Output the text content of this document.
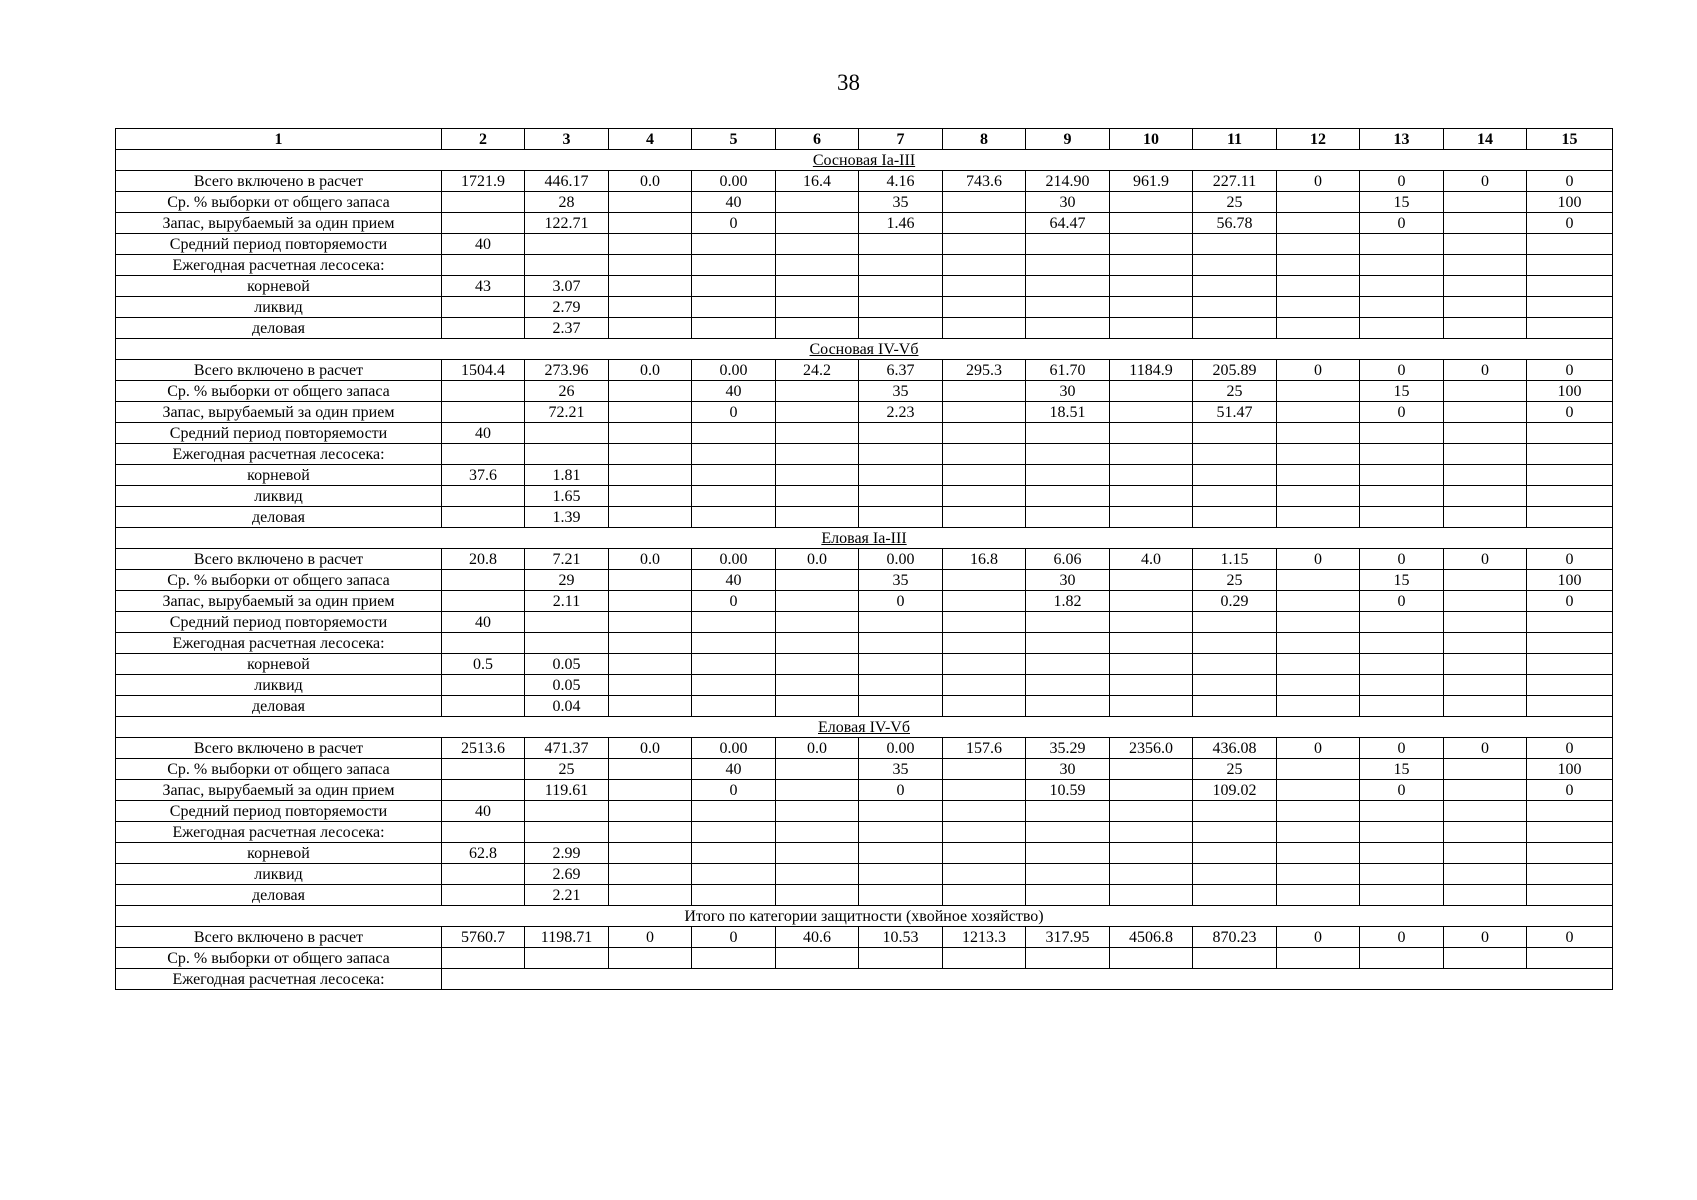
38
1	2	3	4	5	6	7	8	9	10	11	12	13	14	15
Сосновая Ia-III														
Всего включено в расчет	1721.9	446.17	0.0	0.00	16.4	4.16	743.6	214.90	961.9	227.11	0	0	0	0
Ср. % выборки от общего запаса		28		40		35		30		25		15		100
Запас, вырубаемый за один прием		122.71		0		1.46		64.47		56.78		0		0
Средний период повторяемости	40													
Ежегодная расчетная лесосека:														
корневой	43	3.07												
ликвид		2.79												
деловая		2.37												
Сосновая IV-Vб														
Всего включено в расчет	1504.4	273.96	0.0	0.00	24.2	6.37	295.3	61.70	1184.9	205.89	0	0	0	0
Ср. % выборки от общего запаса		26		40		35		30		25		15		100
Запас, вырубаемый за один прием		72.21		0		2.23		18.51		51.47		0		0
Средний период повторяемости	40													
Ежегодная расчетная лесосека:														
корневой	37.6	1.81												
ликвид		1.65												
деловая		1.39												
Еловая Ia-III														
Всего включено в расчет	20.8	7.21	0.0	0.00	0.0	0.00	16.8	6.06	4.0	1.15	0	0	0	0
Ср. % выборки от общего запаса		29		40		35		30		25		15		100
Запас, вырубаемый за один прием		2.11		0		0		1.82		0.29		0		0
Средний период повторяемости	40													
Ежегодная расчетная лесосека:														
корневой	0.5	0.05												
ликвид		0.05												
деловая		0.04												
Еловая IV-Vб														
Всего включено в расчет	2513.6	471.37	0.0	0.00	0.0	0.00	157.6	35.29	2356.0	436.08	0	0	0	0
Ср. % выборки от общего запаса		25		40		35		30		25		15		100
Запас, вырубаемый за один прием		119.61		0		0		10.59		109.02		0		0
Средний период повторяемости	40													
Ежегодная расчетная лесосека:														
корневой	62.8	2.99												
ликвид		2.69												
деловая		2.21												
Итого по категории защитности (хвойное хозяйство)														
Всего включено в расчет	5760.7	1198.71	0	0	40.6	10.53	1213.3	317.95	4506.8	870.23	0	0	0	0
Ср. % выборки от общего запаса														
Ежегодная расчетная лесосека:														
